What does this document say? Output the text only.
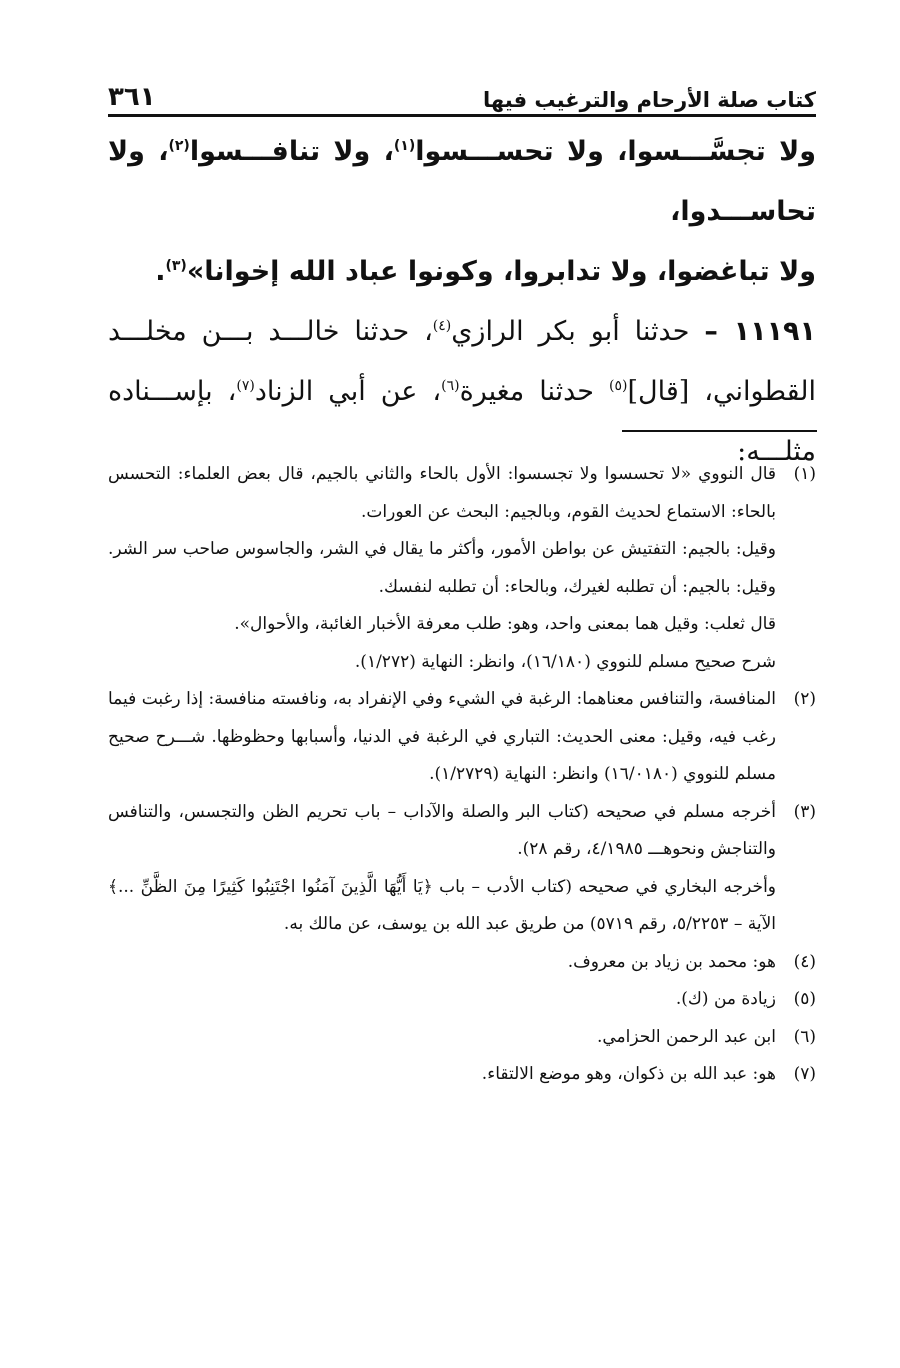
كتاب صلة الأرحام والترغيب فيها
٣٦١

ولا تجسَّـــسوا، ولا تحســـسوا$^{(١)}$، ولا تنافـــسوا$^{(٢)}$، ولا تحاســـدوا،

ولا تباغضوا، ولا تدابروا، وكونوا عباد الله إخوانا»$^{(٣)}$.

١١١٩١ – حدثنا أبو بكر الرازي$^{(٤)}$، حدثنا خالـــد بـــن مخلـــد القطواني، [قال]$^{(٥)}$ حدثنا مغيرة$^{(٦)}$، عن أبي الزناد$^{(٧)}$، بإســـناده مثلـــه:

(١)

قال النووي «لا تحسسوا ولا تجسسوا: الأول بالحاء والثاني بالجيم، قال بعض العلماء: التحسس بالحاء: الاستماع لحديث القوم، وبالجيم: البحث عن العورات.

وقيل: بالجيم: التفتيش عن بواطن الأمور، وأكثر ما يقال في الشر، والجاسوس صاحب سر الشر. وقيل: بالجيم: أن تطلبه لغيرك، وبالحاء: أن تطلبه لنفسك.

قال ثعلب: وقيل هما بمعنى واحد، وهو: طلب معرفة الأخبار الغائبة، والأحوال».

شرح صحيح مسلم للنووي (١٦/١٨٠)، وانظر: النهاية (١/٢٧٢).

(٢)

المنافسة، والتنافس معناهما: الرغبة في الشيء وفي الإنفراد به، ونافسته منافسة: إذا رغبت فيما رغب فيه، وقيل: معنى الحديث: التباري في الرغبة في الدنيا، وأسبابها وحظوظها. شـــرح صحيح مسلم للنووي (١٦/٠١٨٠) وانظر: النهاية (١/٢٧٢٩).

(٣)

أخرجه مسلم في صحيحه (كتاب البر والصلة والآداب – باب تحريم الظن والتجسس، والتنافس والتناجش ونحوهـــ ٤/١٩٨٥، رقم ٢٨).

وأخرجه البخاري في صحيحه (كتاب الأدب – باب ﴿يَا أَيُّهَا الَّذِينَ آمَنُوا اجْتَنِبُوا كَثِيرًا مِنَ الظَّنِّ ...﴾ الآية – ٥/٢٢٥٣، رقم ٥٧١٩) من طريق عبد الله بن يوسف، عن مالك به.

(٤)

هو: محمد بن زياد بن معروف.

(٥)

زيادة من (ك).

(٦)

ابن عبد الرحمن الحزامي.

(٧)

هو: عبد الله بن ذكوان، وهو موضع الالتقاء.
